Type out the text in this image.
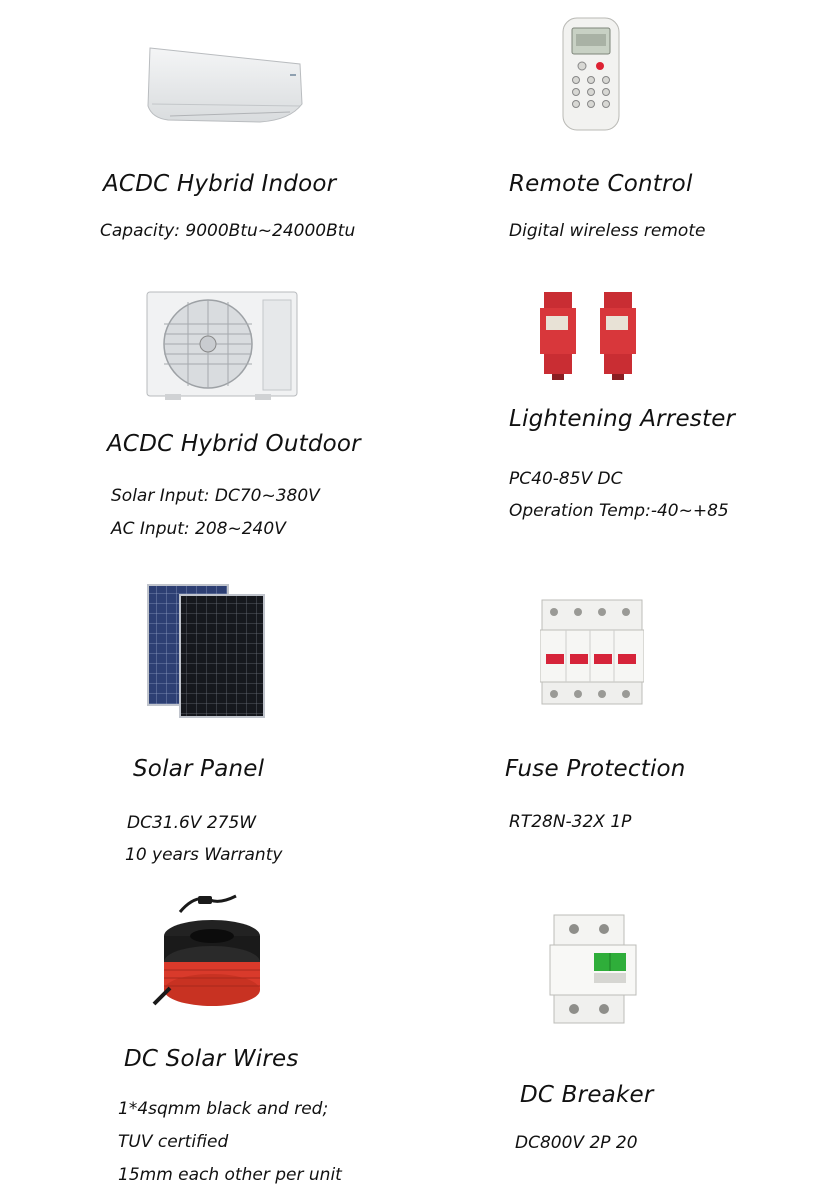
ACDC Hybrid Indoor
Capacity: 9000Btu~24000Btu
Remote Control
Digital wireless remote
ACDC Hybrid Outdoor
Solar Input: DC70~380V
AC Input: 208~240V
Lightening Arrester
PC40-85V DC
Operation Temp:-40~+85
Solar Panel
DC31.6V 275W
10 years Warranty
Fuse Protection
RT28N-32X 1P
DC Solar Wires
1*4sqmm black and red;
TUV certified
15mm each other per unit
DC Breaker
DC800V 2P 20
